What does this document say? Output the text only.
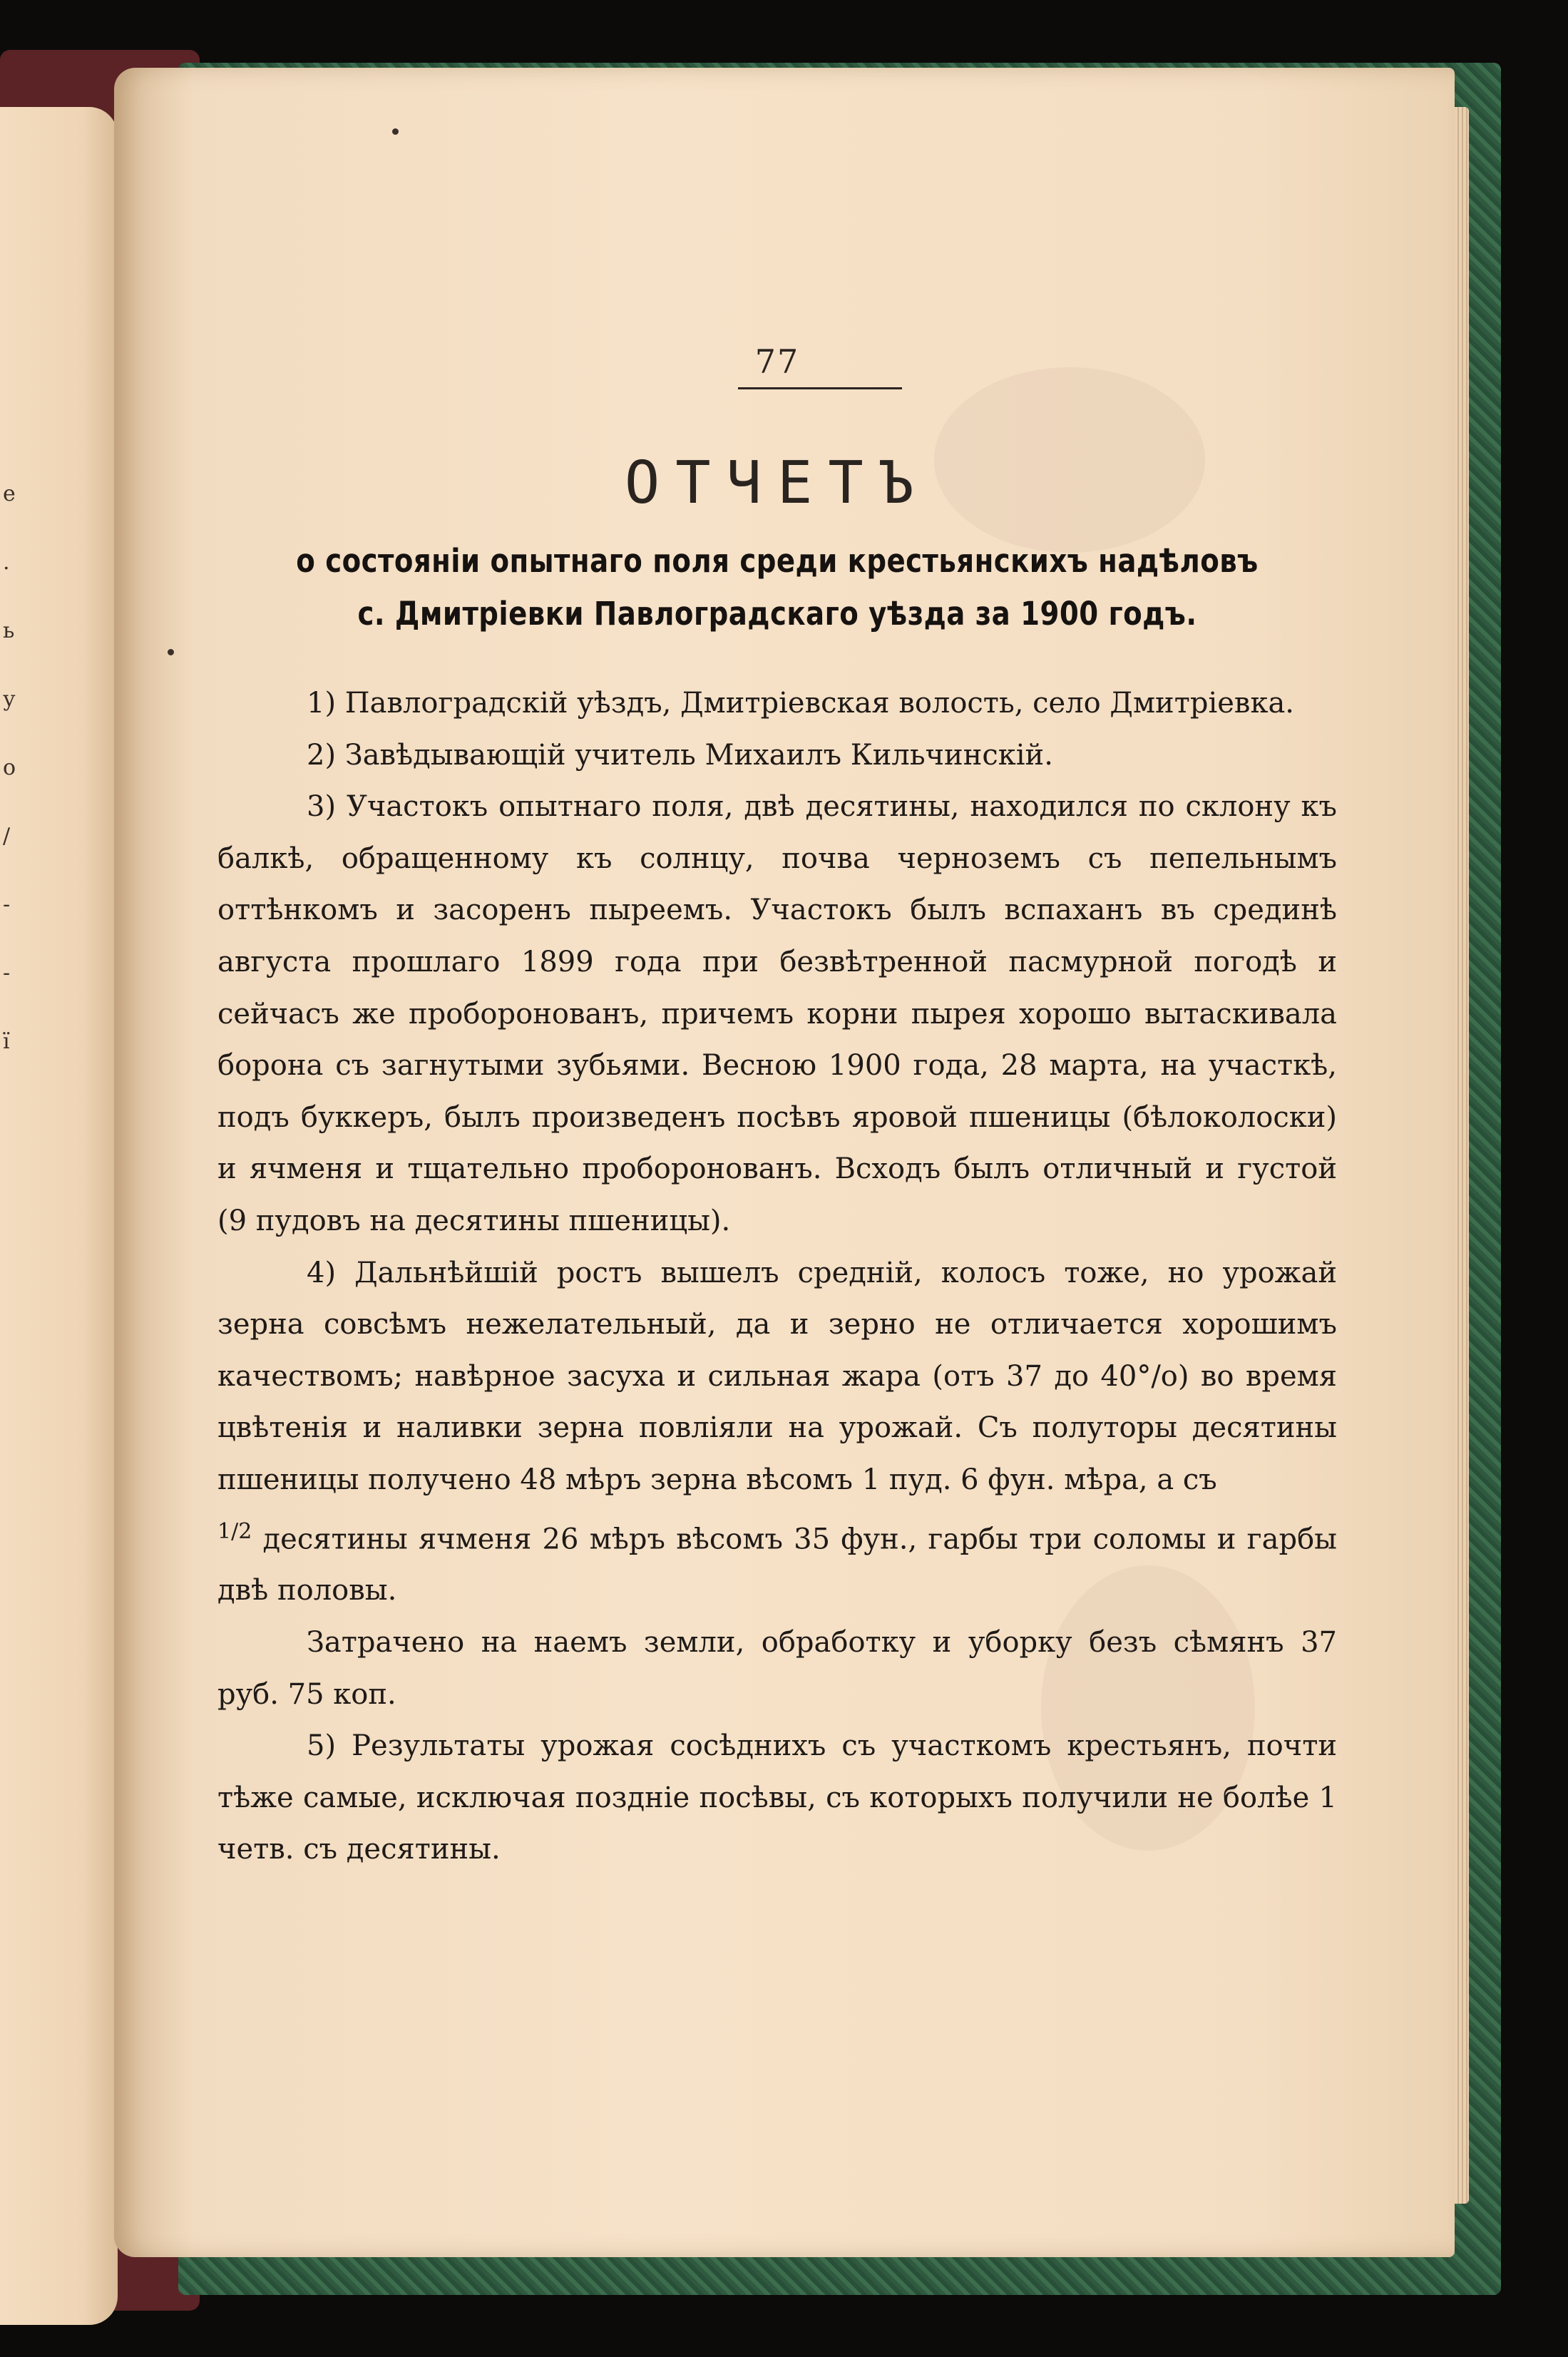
е
.
ь
у
о
/
-
-
ї
77
ОТЧЕТЪ
о состояніи опытнаго поля среди крестьянскихъ надѣловъ
с. Дмитріевки Павлоградскаго уѣзда за 1900 годъ.

1) Павлоградскій уѣздъ, Дмитріевская волость, село Дмитріевка.

2) Завѣдывающій учитель Михаилъ Кильчинскій.

3) Участокъ опытнаго поля, двѣ десятины, находился по склону къ балкѣ, обращенному къ солнцу, почва черноземъ съ пепельнымъ оттѣнкомъ и засоренъ пыреемъ. Участокъ былъ вспаханъ въ срединѣ августа прошлаго 1899 года при безвѣтренной пасмурной погодѣ и сейчасъ же проборонованъ, причемъ корни пырея хорошо вытаскивала борона съ загнутыми зубьями. Весною 1900 года, 28 марта, на участкѣ, подъ буккеръ, былъ произведенъ посѣвъ яровой пшеницы (бѣлоколоски) и ячменя и тщательно проборонованъ. Всходъ былъ отличный и густой (9 пудовъ на десятины пшеницы).

4) Дальнѣйшій ростъ вышелъ среднiй, колосъ тоже, но урожай зерна совсѣмъ нежелательный, да и зерно не отличается хорошимъ качествомъ; навѣрное засуха и сильная жара (отъ 37 до 40°/o) во время цвѣтенія и наливки зерна повліяли на урожай. Съ полуторы десятины пшеницы получено 48 мѣръ зерна вѣсомъ 1 пуд. 6 фун. мѣра, а съ

$^{1/2}$ десятины ячменя 26 мѣръ вѣсомъ 35 фун., гарбы три соломы и гарбы двѣ половы.

Затрачено на наемъ земли, обработку и уборку безъ сѣмянъ 37 руб. 75 коп.

5) Результаты урожая сосѣднихъ съ участкомъ крестьянъ, почти тѣже самые, исключая позднiе посѣвы, съ которыхъ получили не болѣе 1 четв. съ десятины.
